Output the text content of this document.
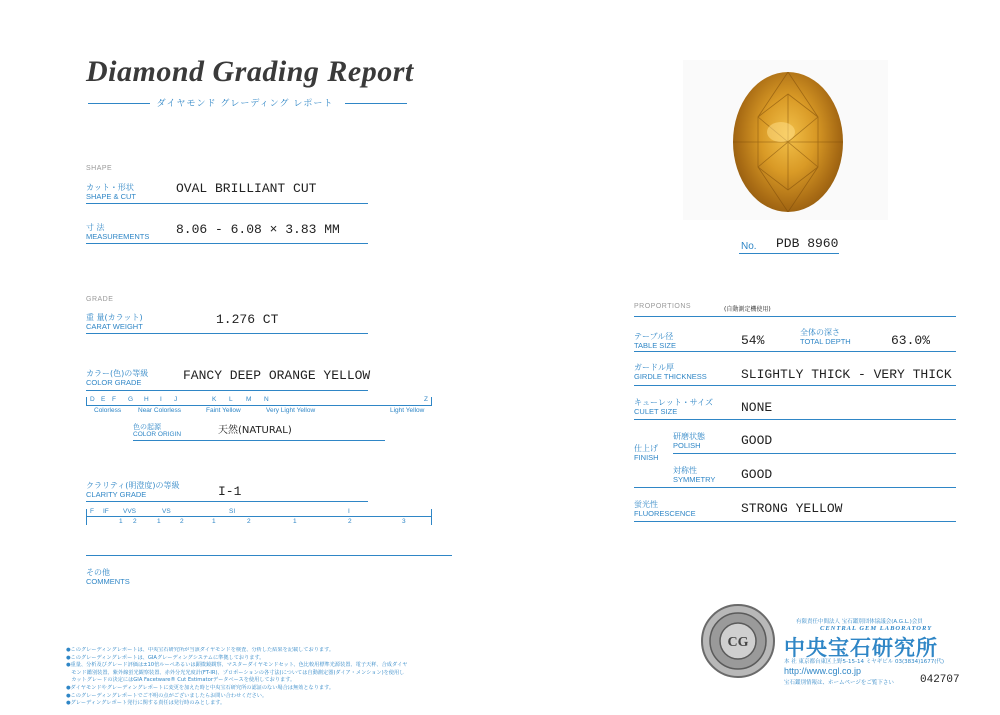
Diamond Grading Report
ダイヤモンド グレーディング レポート
SHAPE
カット・形状
SHAPE & CUT
OVAL BRILLIANT CUT
寸 法
MEASUREMENTS 8.06 - 6.08 × 3.83 MM
GRADE
重 量(カラット)
CARAT WEIGHT	1.276 CT
カラー(色)の等級
COLOR GRADE	FANCY DEEP ORANGE YELLOW
D E F G H I J	K L M N	Z
Colorless	Near Colorless	Faint Yellow	Very Light Yellow	Light Yellow
色の起源
COLOR ORIGIN	天然(NATURAL)
クラリティ(明澄度)の等級
CLARITY GRADE	I-1
F IF VVS	VS	SI	I
1 2	1	2	1	2	1	2	3
その他
COMMENTS
No. PDB 8960
PROPORTIONS	(自動測定機使用)
テーブル径
TABLE SIZE	54%
全体の深さ
TOTAL DEPTH	63.0%
ガードル厚
GIRDLE THICKNESS	SLIGHTLY THICK - VERY THICK
キューレット・サイズ
CULET SIZE	NONE
仕上げ
FINISH
研磨状態
POLISH	GOOD
対称性
SYMMETRY GOOD
蛍光性
FLUORESCENCE	STRONG YELLOW
●このグレーディングレポートは、中央宝石研究所が当該ダイヤモンドを検査、分析した結果を記載しております。
●このグレーディングレポートは、GIAグレーディングシステムに準拠しております。
●重量、分析及びグレード評価は±10倍ルーペあるいは顕微鏡観察、マスターダイヤモンドセット、色比較用標準光源装置、電子天秤、合成ダイヤ
　モンド鑑別装置、紫外線蛍光観察装置、赤外分光光度計(FT-IR)、プロポーションの各寸法(については自動測定器)ダイア・メンション)を使用し
　カットグレードの決定にはGIA Facetware® Cut Estimatorデータベースを使用しております。
●ダイヤモンドやグレーディングレポートに変更を加えた時と中央宝石研究所の認証のない場合は無効となります。
●このグレーディングレポートでご不明の点がございましたらお問い合わせください。
●グレーディングレポート発行に関する責任は発行時のみとします。
CG
有限責任中間法人 宝石鑑別団体協議会(A.G.L.)会員
CENTRAL GEM LABORATORY
中央宝石研究所
本 社 東京都台東区上野5-15-14 ミヤギビル 03(3834)1677(代)
http://www.cgl.co.jp
宝石鑑別情報は、ホームページをご覧下さい 042707
